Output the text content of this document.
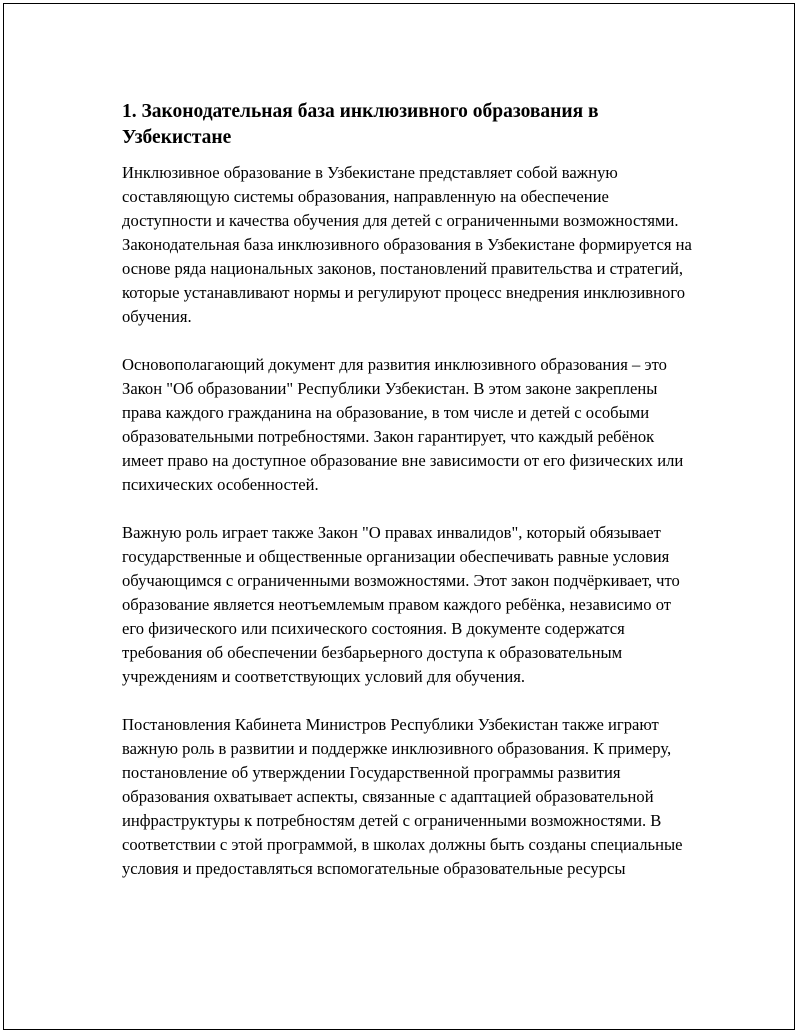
1. Законодательная база инклюзивного образования в Узбекистане

Инклюзивное образование в Узбекистане представляет собой важную составляющую системы образования, направленную на обеспечение доступности и качества обучения для детей с ограниченными возможностями. Законодательная база инклюзивного образования в Узбекистане формируется на основе ряда национальных законов, постановлений правительства и стратегий, которые устанавливают нормы и регулируют процесс внедрения инклюзивного обучения.

Основополагающий документ для развития инклюзивного образования – это Закон "Об образовании" Республики Узбекистан. В этом законе закреплены права каждого гражданина на образование, в том числе и детей с особыми образовательными потребностями. Закон гарантирует, что каждый ребёнок имеет право на доступное образование вне зависимости от его физических или психических особенностей.

Важную роль играет также Закон "О правах инвалидов", который обязывает государственные и общественные организации обеспечивать равные условия обучающимся с ограниченными возможностями. Этот закон подчёркивает, что образование является неотъемлемым правом каждого ребёнка, независимо от его физического или психического состояния. В документе содержатся требования об обеспечении безбарьерного доступа к образовательным учреждениям и соответствующих условий для обучения.

Постановления Кабинета Министров Республики Узбекистан также играют важную роль в развитии и поддержке инклюзивного образования. К примеру, постановление об утверждении Государственной программы развития образования охватывает аспекты, связанные с адаптацией образовательной инфраструктуры к потребностям детей с ограниченными возможностями. В соответствии с этой программой, в школах должны быть созданы специальные условия и предоставляться вспомогательные образовательные ресурсы
